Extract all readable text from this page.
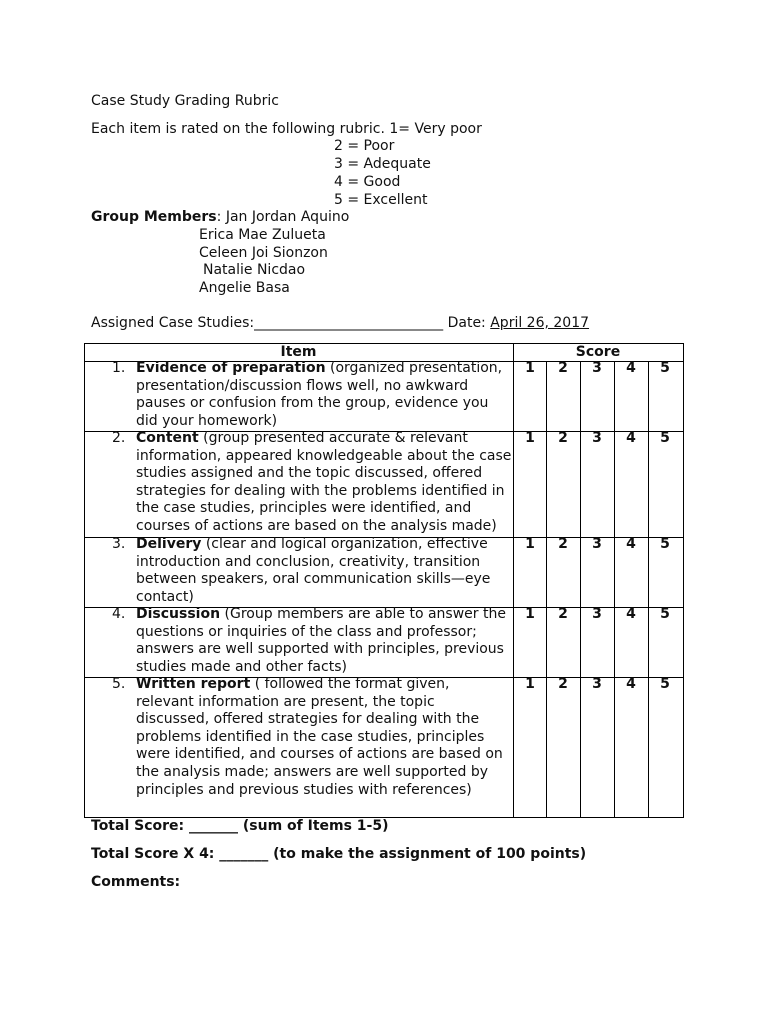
Case Study Grading Rubric
Each item is rated on the following rubric. 1= Very poor
2 = Poor
3 = Adequate
4 = Good
5 = Excellent
Group Members: Jan Jordan Aquino
Erica Mae Zulueta
Celeen Joi Sionzon
Natalie Nicdao
Angelie Basa
Assigned Case Studies:___________________________ Date: April 26, 2017
Item	Score
1. Evidence of preparation (organized presentation,
presentation/discussion flows well, no awkward
pauses or confusion from the group, evidence you
did your homework)
1	2	3	4	5
2. Content (group presented accurate & relevant
information, appeared knowledgeable about the case
studies assigned and the topic discussed, offered
strategies for dealing with the problems identified in
the case studies, principles were identified, and
courses of actions are based on the analysis made)
1	2	3	4	5
3. Delivery (clear and logical organization, effective
introduction and conclusion, creativity, transition
between speakers, oral communication skills—eye
contact)
1	2	3	4	5
4. Discussion (Group members are able to answer the
questions or inquiries of the class and professor;
answers are well supported with principles, previous
studies made and other facts)
1	2	3	4	5
5. Written report ( followed the format given,
relevant information are present, the topic
discussed, offered strategies for dealing with the
problems identified in the case studies, principles
were identified, and courses of actions are based on
the analysis made; answers are well supported by
principles and previous studies with references)
1	2	3	4	5
Total Score: _______ (sum of Items 1-5)
Total Score X 4: _______ (to make the assignment of 100 points)
Comments:
